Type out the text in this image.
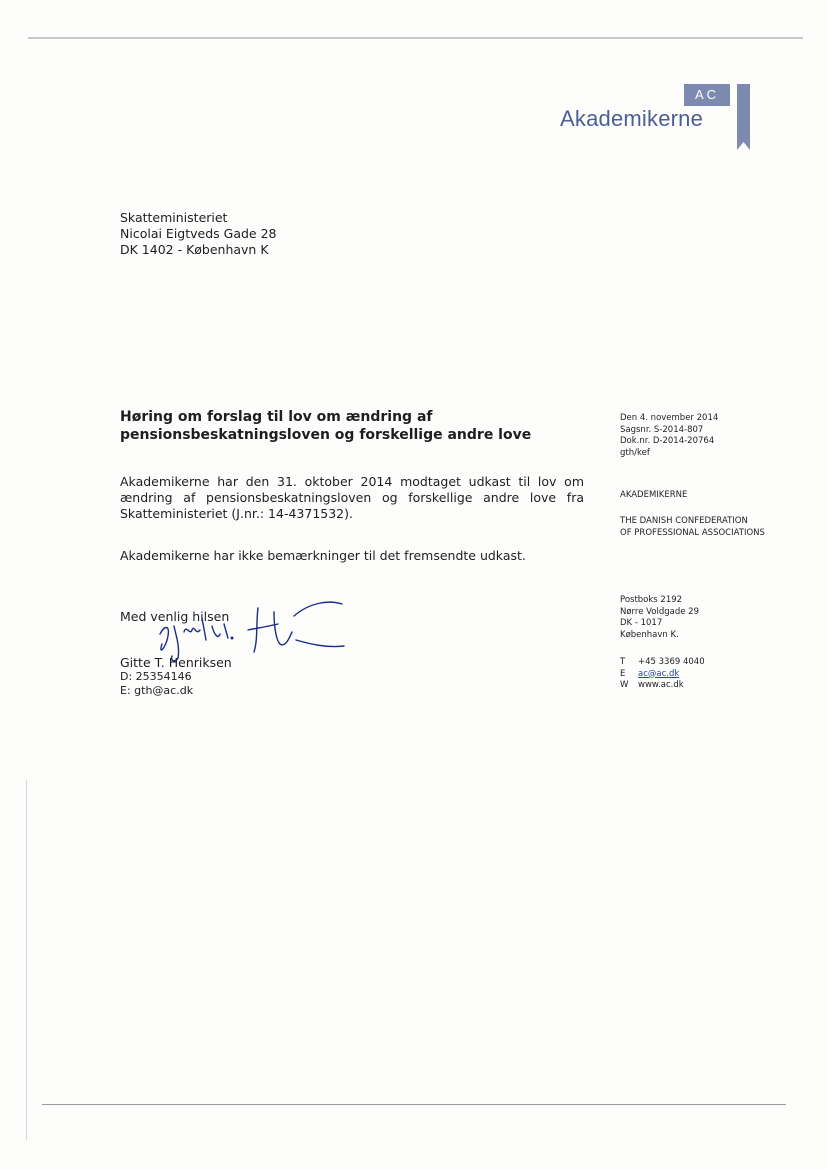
AC
Akademikerne
Skatteministeriet
Nicolai Eigtveds Gade 28
DK 1402 - København K
Høring om forslag til lov om ændring af pensionsbeskatningsloven og forskellige andre love
Akademikerne har den 31. oktober 2014 modtaget udkast til lov om ændring af pensionsbeskatningsloven og forskellige andre love fra Skatteministeriet (J.nr.: 14-4371532).
Akademikerne har ikke bemærkninger til det fremsendte udkast.
Med venlig hilsen
Gitte T. Henriksen
D: 25354146
E: gth@ac.dk
Den 4. november 2014
Sagsnr. S-2014-807
Dok.nr. D-2014-20764
gth/kef
AKADEMIKERNE
THE DANISH CONFEDERATION
OF PROFESSIONAL ASSOCIATIONS
Postboks 2192
Nørre Voldgade 29
DK - 1017
København K.
T	+45 3369 4040
E	ac@ac.dk
W	www.ac.dk
